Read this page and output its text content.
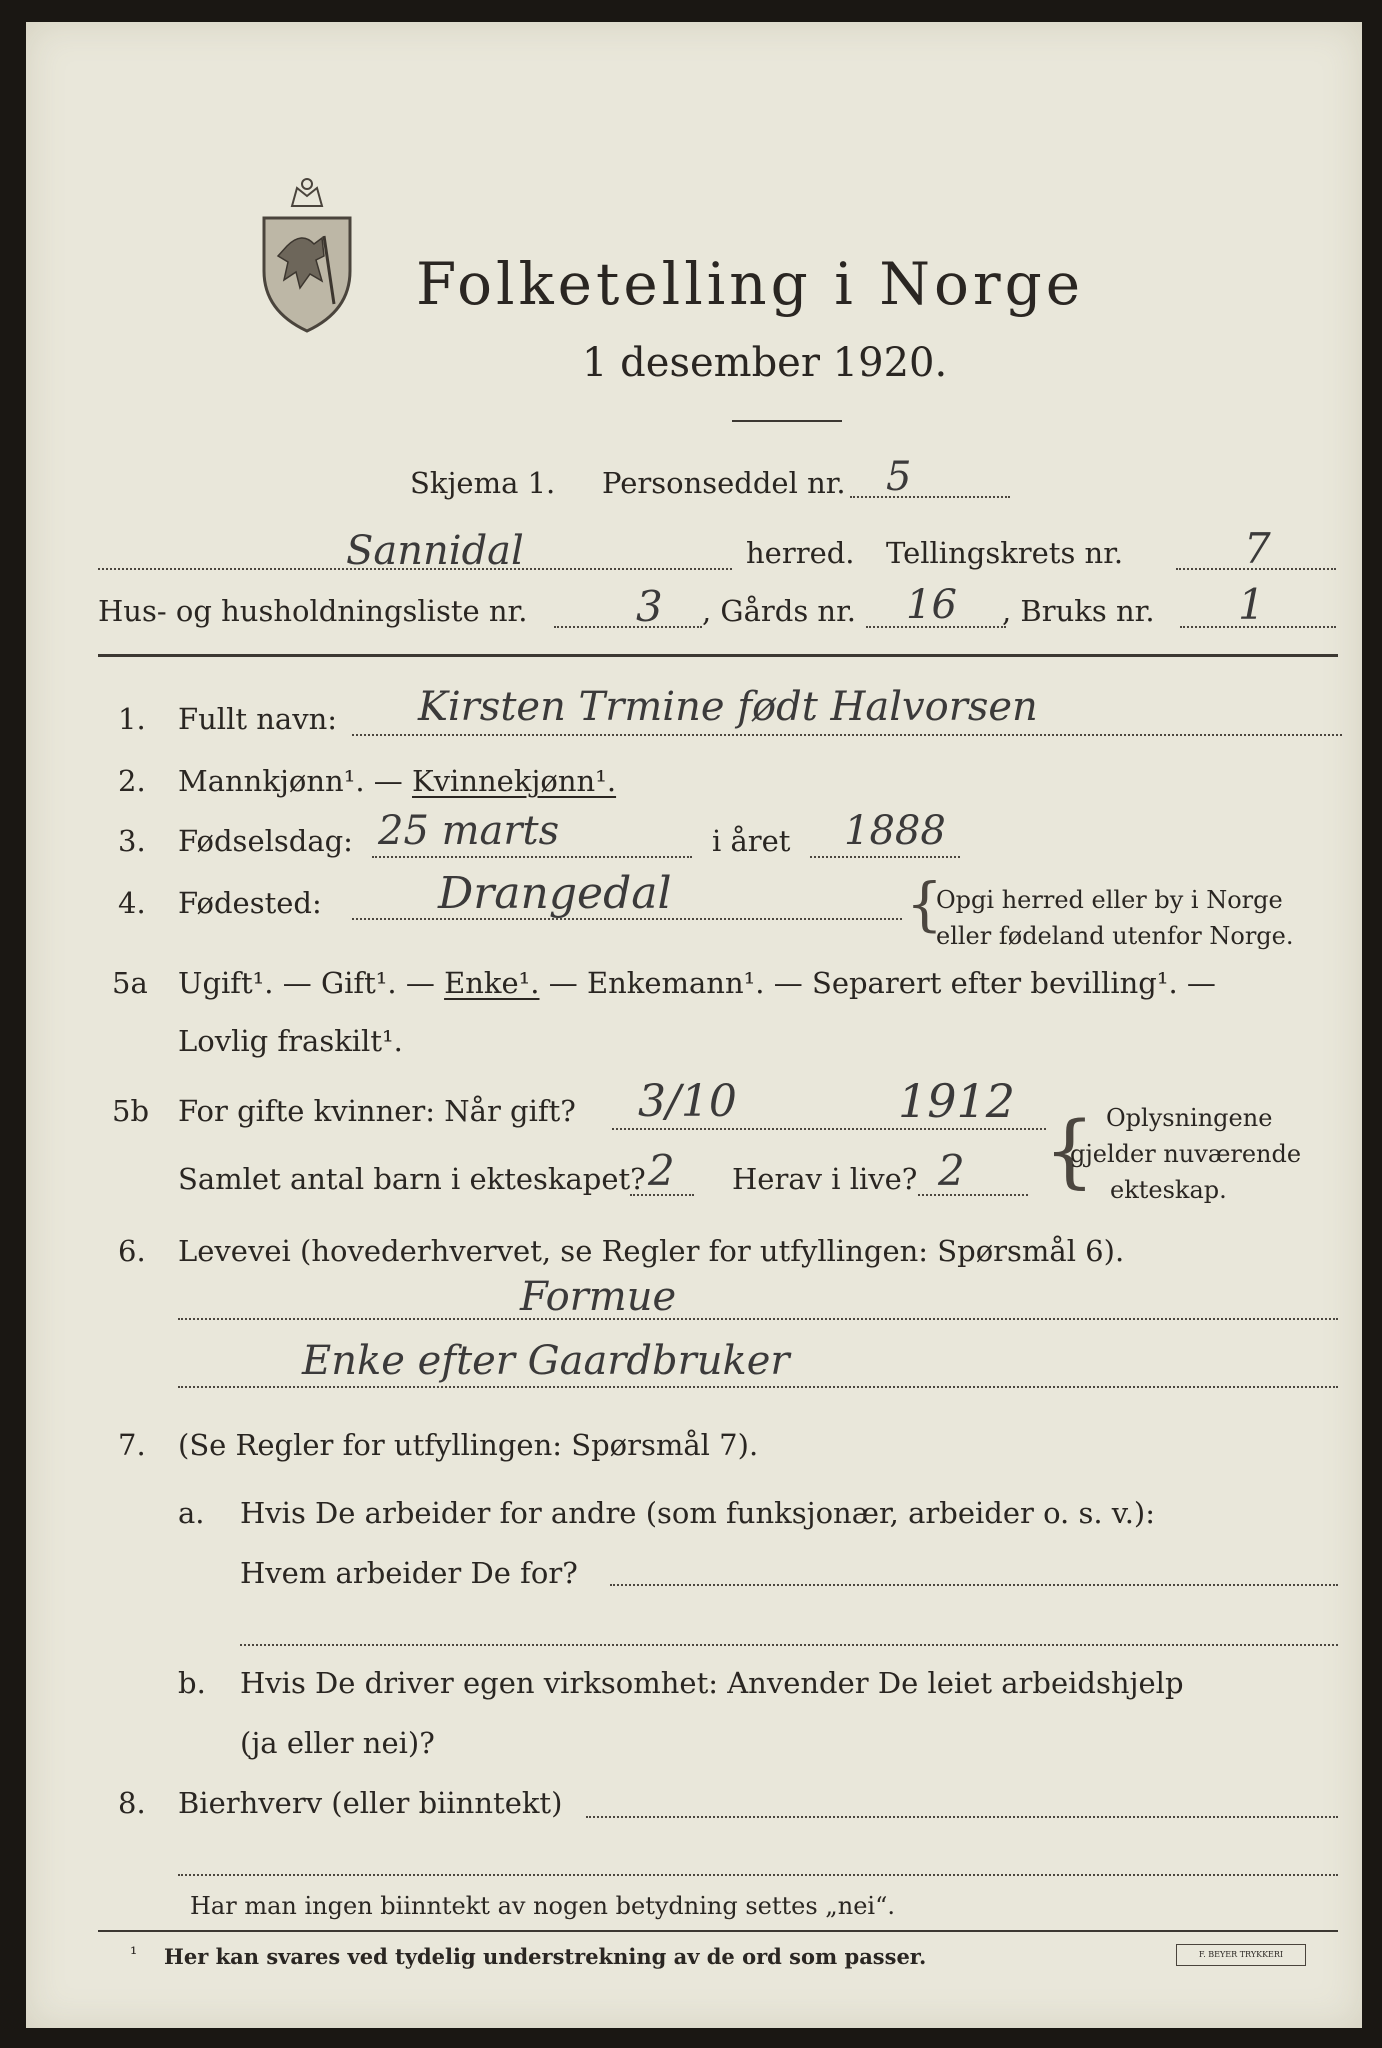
Folketelling i Norge
1 desember 1920.
Skjema 1. Personseddel nr. 5
Sannidal	herred. Tellingskrets nr.	7
Hus- og husholdningsliste nr.	3 , Gårds nr. 16 , Bruks nr. 1
1. Fullt navn: Kirsten Trmine født Halvorsen
2. Mannkjønn¹. — Kvinnekjønn¹.
3. Fødselsdag: 25 marts	i året 1888
4. Fødested:	Drangedal	{
Opgi herred eller by i Norge
eller fødeland utenfor Norge.
5a Ugift¹. — Gift¹. — Enke¹. — Enkemann¹. — Separert efter bevilling¹. —
Lovlig fraskilt¹.
5b For gifte kvinner: Når gift? 3/10	1912
Samlet antal barn i ekteskapet? 2 Herav i live? 2 { Oplysningene
gjelder nuværende
ekteskap.
6. Levevei (hovederhvervet, se Regler for utfyllingen: Spørsmål 6).
Formue
Enke efter Gaardbruker
7. (Se Regler for utfyllingen: Spørsmål 7).
a. Hvis De arbeider for andre (som funksjonær, arbeider o. s. v.):
Hvem arbeider De for?
b. Hvis De driver egen virksomhet: Anvender De leiet arbeidshjelp
(ja eller nei)?
8. Bierhverv (eller biinntekt)
Har man ingen biinntekt av nogen betydning settes „nei“.
¹ Her kan svares ved tydelig understrekning av de ord som passer.	F. BEYER TRYKKERI
